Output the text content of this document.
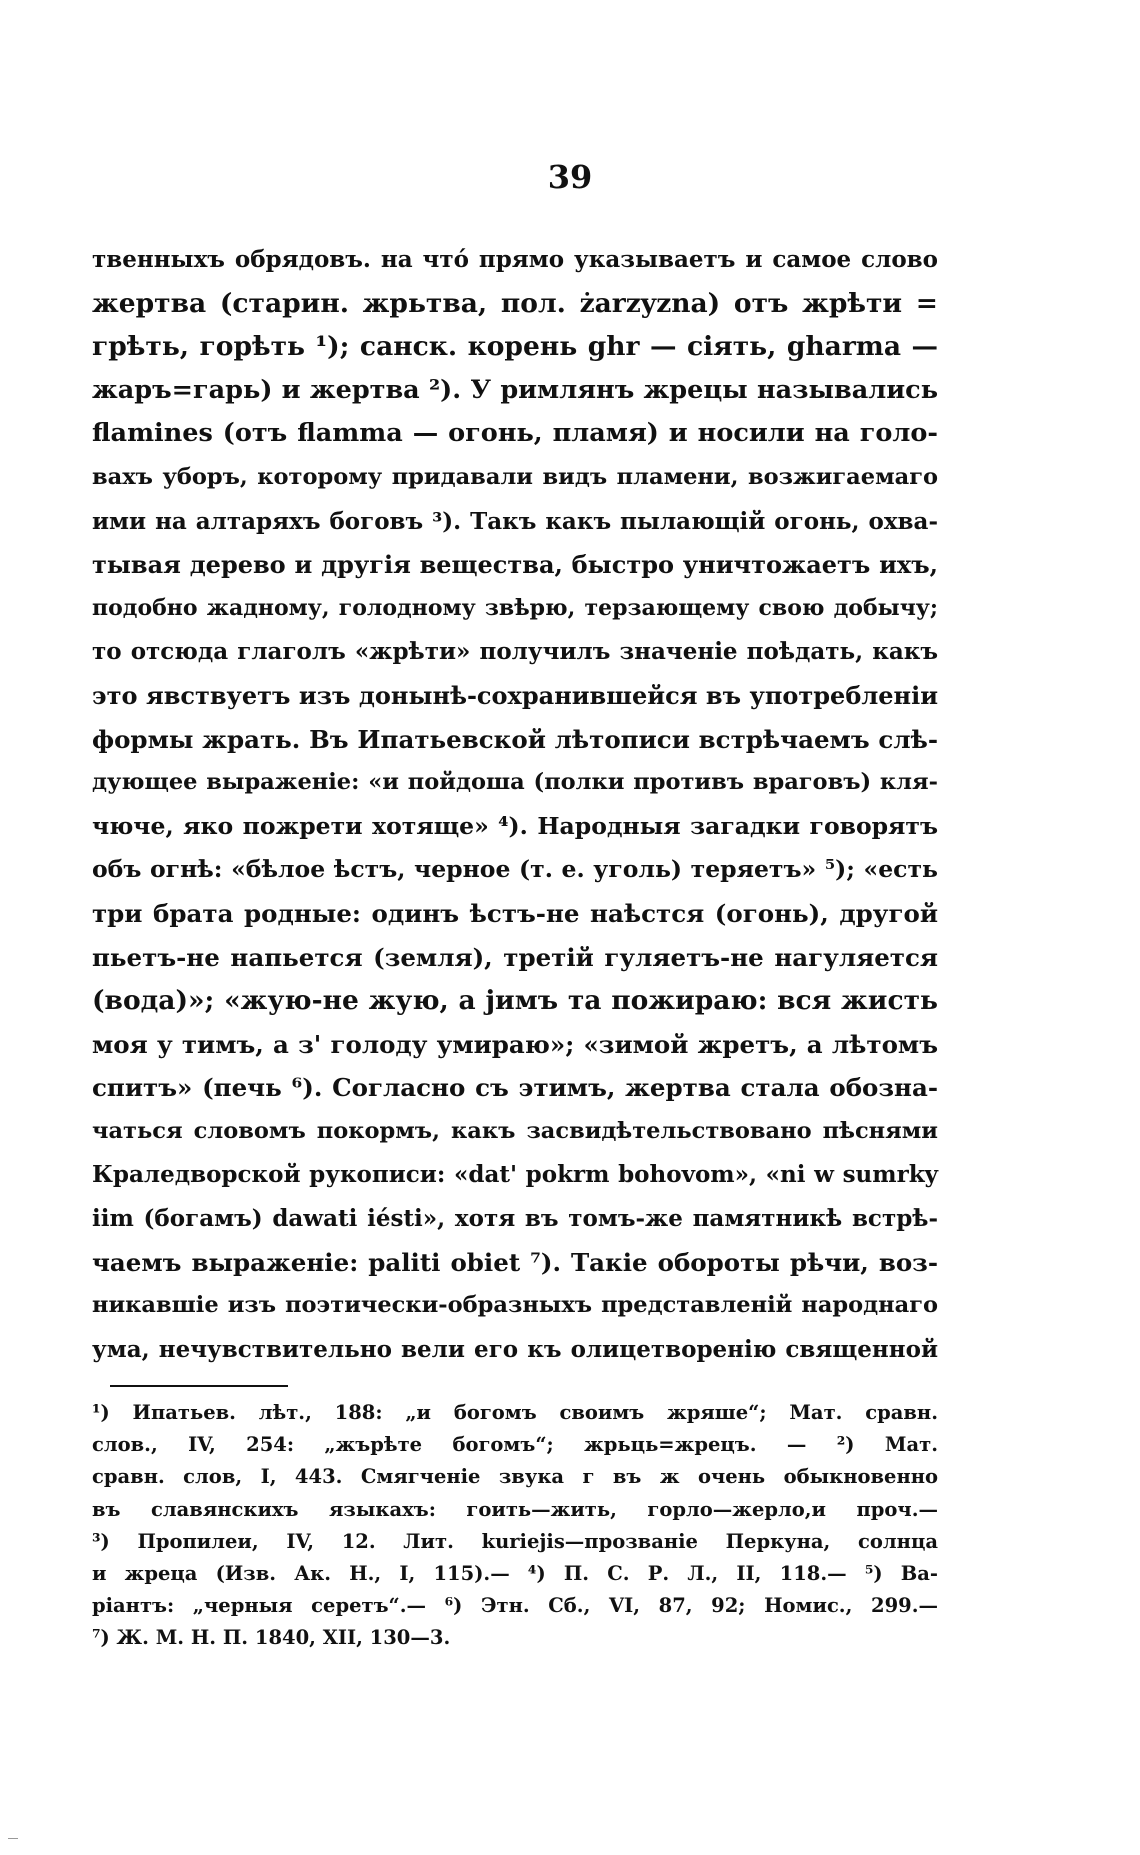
39
твенныхъ обрядовъ. на чтó прямо указываетъ и самое слово
жертва (старин. жрьтва, пол. żarzyzna) отъ жрѣти =
грѣть, горѣть ¹); санск. корень ghr — сiять, gharma —
жаръ=гарь) и жертва ²). У римлянъ жрецы назывались
flamines (отъ flamma — огонь, пламя) и носили на голо-
вахъ уборъ, которому придавали видъ пламени, возжигаемаго
ими на алтаряхъ боговъ ³). Такъ какъ пылающiй огонь, охва-
тывая дерево и другiя вещества, быстро уничтожаетъ ихъ,
подобно жадному, голодному звѣрю, терзающему свою добычу;
то отсюда глаголъ «жрѣти» получилъ значенiе поѣдать, какъ
это явствуетъ изъ донынѣ-сохранившейся въ употребленiи
формы жрать. Въ Ипатьевской лѣтописи встрѣчаемъ слѣ-
дующее выраженiе: «и пойдоша (полки противъ враговъ) кля-
чюче, яко пожрети хотяще» ⁴). Народныя загадки говорятъ
объ огнѣ: «бѣлое ѣстъ, черное (т. е. уголь) теряетъ» ⁵); «есть
три брата родные: одинъ ѣстъ-не наѣстся (огонь), другой
пьетъ-не напьется (земля), третiй гуляетъ-не нагуляется
(вода)»; «жую-не жую, а јимъ та пожираю: вся жисть
моя у тимъ, а з' голоду умираю»; «зимой жретъ, а лѣтомъ
спитъ» (печь ⁶). Согласно съ этимъ, жертва стала обозна-
чаться словомъ покормъ, какъ засвидѣтельствовано пѣснями
Краледворской рукописи: «dat' pokrm bohovom», «ni w sumrky
iim (богамъ) dawati iésti», хотя въ томъ-же памятникѣ встрѣ-
чаемъ выраженiе: paliti obiet ⁷). Такiе обороты рѣчи, воз-
никавшiе изъ поэтически-образныхъ представленiй народнаго
ума, нечувствительно вели его къ олицетворенiю священной
¹) Ипатьев. лѣт., 188: „и богомъ своимъ жряше“; Мат. сравн.
слов., IV, 254: „жърѣте богомъ“; жрьць=жрецъ. — ²) Мат.
сравн. слов, I, 443. Смягченiе звука г въ ж очень обыкновенно
въ славянскихъ языкахъ: гоить—жить, горло—жерло,и проч.—
³) Пропилеи, IV, 12. Лит. kurieјis—прозванiе Перкуна, солнца
и жреца (Изв. Ак. Н., I, 115).— ⁴) П. С. Р. Л., II, 118.— ⁵) Ва-
рiантъ: „черныя серетъ“.— ⁶) Этн. Сб., VI, 87, 92; Номис., 299.—
⁷) Ж. М. Н. П. 1840, XII, 130—3.
